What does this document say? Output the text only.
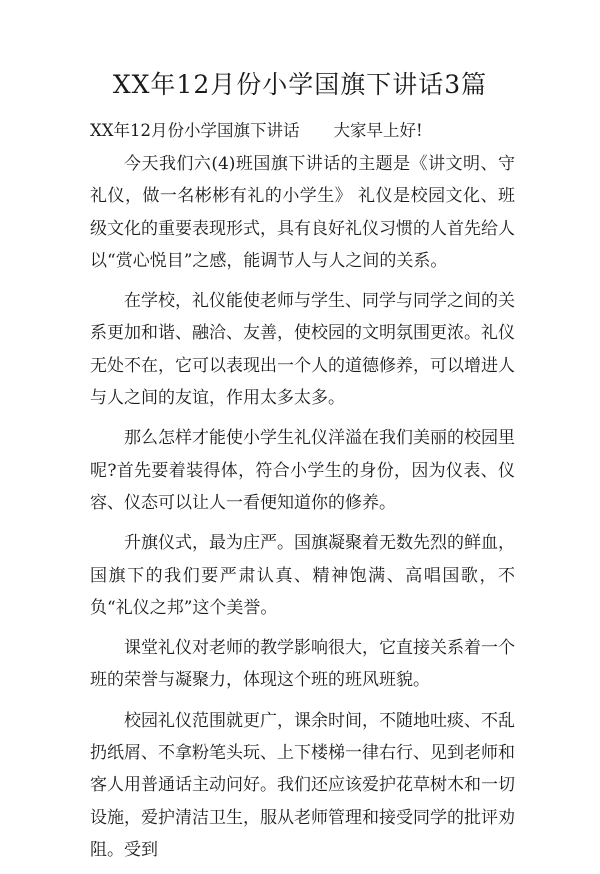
XX年12月份小学国旗下讲话3篇
XX年12月份小学国旗下讲话 大家早上好!

今天我们六(4)班国旗下讲话的主题是《讲文明、守礼仪，做一名彬彬有礼的小学生》 礼仪是校园文化、班级文化的重要表现形式，具有良好礼仪习惯的人首先给人以“赏心悦目”之感，能调节人与人之间的关系。

在学校，礼仪能使老师与学生、同学与同学之间的关系更加和谐、融洽、友善，使校园的文明氛围更浓。礼仪无处不在，它可以表现出一个人的道德修养，可以增进人与人之间的友谊，作用太多太多。

那么怎样才能使小学生礼仪洋溢在我们美丽的校园里呢?首先要着装得体，符合小学生的身份，因为仪表、仪容、仪态可以让人一看便知道你的修养。

升旗仪式，最为庄严。国旗凝聚着无数先烈的鲜血，国旗下的我们要严肃认真、精神饱满、高唱国歌，不负“礼仪之邦”这个美誉。

课堂礼仪对老师的教学影响很大，它直接关系着一个班的荣誉与凝聚力，体现这个班的班风班貌。

校园礼仪范围就更广，课余时间，不随地吐痰、不乱扔纸屑、不拿粉笔头玩、上下楼梯一律右行、见到老师和客人用普通话主动问好。我们还应该爱护花草树木和一切设施，爱护清洁卫生，服从老师管理和接受同学的批评劝阻。受到
